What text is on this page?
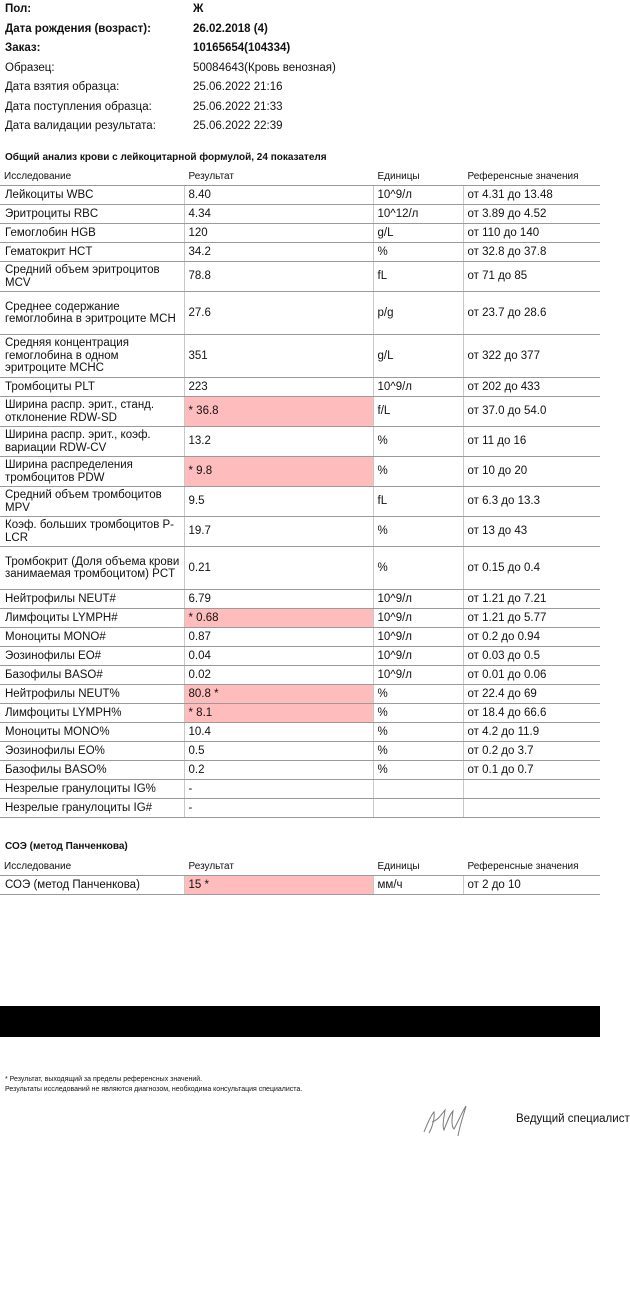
Пол:	Ж
Дата рождения (возраст):	26.02.2018 (4)
Заказ:	10165654(104334)
Образец:	50084643(Кровь венозная)
Дата взятия образца:	25.06.2022 21:16
Дата поступления образца:	25.06.2022 21:33
Дата валидации результата:	25.06.2022 22:39
Общий анализ крови с лейкоцитарной формулой, 24 показателя
Исследование	Результат	Единицы	Референсные значения
Лейкоциты WBC	8.40	10^9/л	от 4.31 до 13.48
Эритроциты RBC	4.34	10^12/л	от 3.89 до 4.52
Гемоглобин HGB	120	g/L	от 110 до 140
Гематокрит HCT	34.2	%	от 32.8 до 37.8
Средний объем эритроцитов MCV	78.8	fL	от 71 до 85
Среднее содержание гемоглобина в эритроците MCH	27.6	p/g	от 23.7 до 28.6
Средняя концентрация гемоглобина в одном эритроците MCHC	351	g/L	от 322 до 377
Тромбоциты PLT	223	10^9/л	от 202 до 433
Ширина распр. эрит., станд. отклонение RDW-SD	* 36.8	f/L	от 37.0 до 54.0
Ширина распр. эрит., коэф. вариации RDW-CV	13.2	%	от 11 до 16
Ширина распределения тромбоцитов PDW	* 9.8	%	от 10 до 20
Средний объем тромбоцитов MPV	9.5	fL	от 6.3 до 13.3
Коэф. больших тромбоцитов P-LCR	19.7	%	от 13 до 43
Тромбокрит (Доля объема крови занимаемая тромбоцитом) PCT	0.21	%	от 0.15 до 0.4
Нейтрофилы NEUT#	6.79	10^9/л	от 1.21 до 7.21
Лимфоциты LYMPH#	* 0.68	10^9/л	от 1.21 до 5.77
Моноциты MONO#	0.87	10^9/л	от 0.2 до 0.94
Эозинофилы EO#	0.04	10^9/л	от 0.03 до 0.5
Базофилы BASO#	0.02	10^9/л	от 0.01 до 0.06
Нейтрофилы NEUT%	80.8 *	%	от 22.4 до 69
Лимфоциты LYMPH%	* 8.1	%	от 18.4 до 66.6
Моноциты MONO%	10.4	%	от 4.2 до 11.9
Эозинофилы EO%	0.5	%	от 0.2 до 3.7
Базофилы BASO%	0.2	%	от 0.1 до 0.7
Незрелые гранулоциты IG%	-		
Незрелые гранулоциты IG#	-		
СОЭ (метод Панченкова)
Исследование	Результат	Единицы	Референсные значения
СОЭ (метод Панченкова)	15 *	мм/ч	от 2 до 10
* Результат, выходящий за пределы референсных значений.
Результаты исследований не являются диагнозом, необходима консультация специалиста.
Ведущий специалист
